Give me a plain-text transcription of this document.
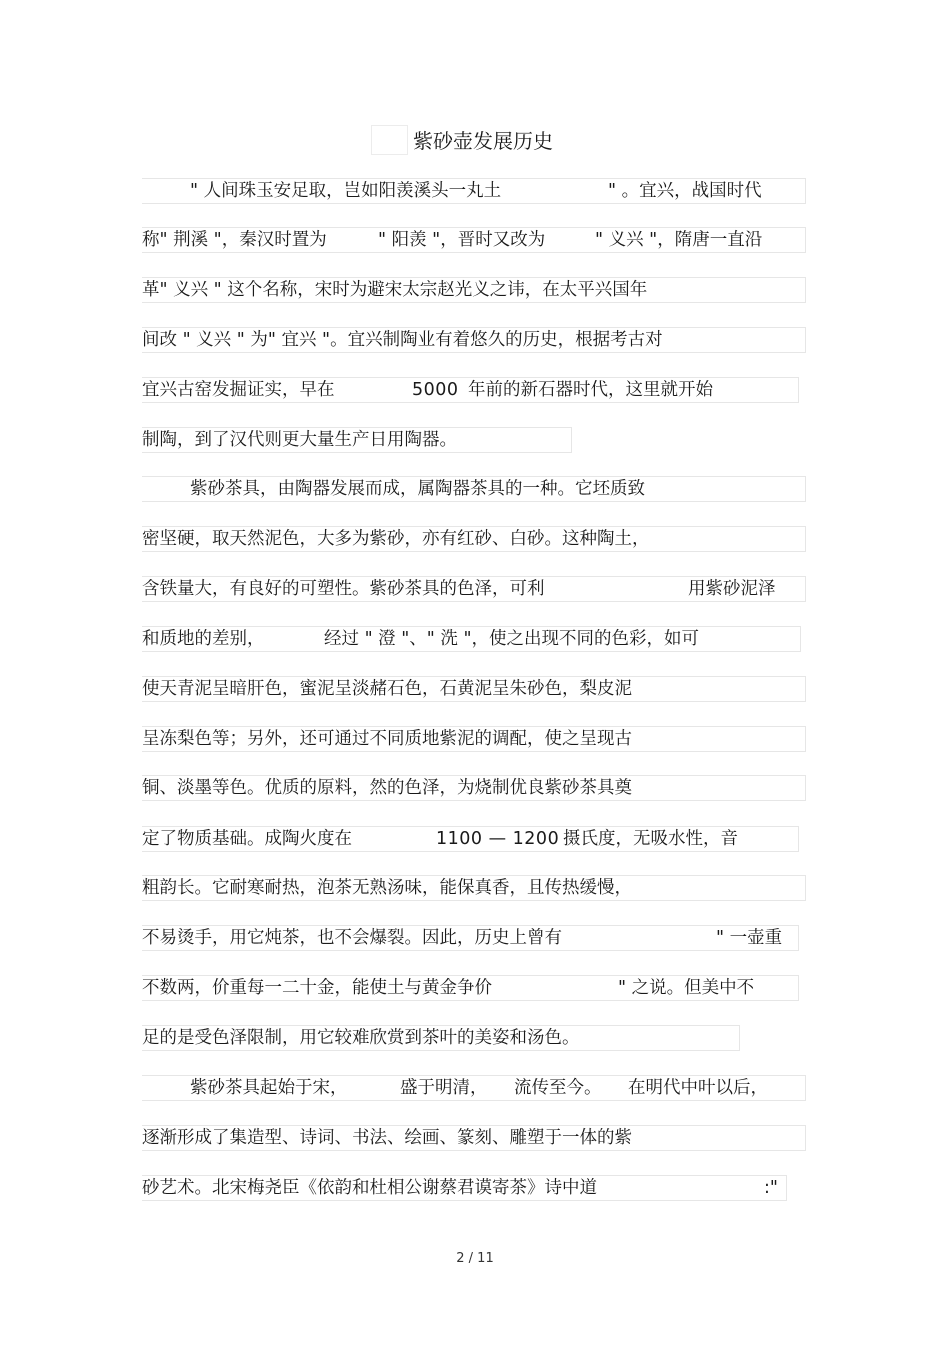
紫砂壶发展历史
" 人间珠玉安足取，岂如阳羡溪头一丸土	" 。宜兴，战国时代
称" 荆溪 "，秦汉时置为	" 阳羡 "，晋时又改为	" 义兴 "，隋唐一直沿
革" 义兴 " 这个名称，宋时为避宋太宗赵光义之讳，在太平兴国年
间改 " 义兴 " 为" 宜兴 "。宜兴制陶业有着悠久的历史，根据考古对
宜兴古窑发掘证实，早在	5000 年前的新石器时代，这里就开始
制陶，到了汉代则更大量生产日用陶器。
紫砂茶具，由陶器发展而成，属陶器茶具的一种。它坯质致
密坚硬，取天然泥色，大多为紫砂，亦有红砂、白砂。这种陶土，
含铁量大，有良好的可塑性。紫砂茶具的色泽，可利	用紫砂泥泽
和质地的差别，	经过 " 澄 "、" 洗 "，使之出现不同的色彩，如可
使天青泥呈暗肝色，蜜泥呈淡赭石色，石黄泥呈朱砂色，梨皮泥
呈冻梨色等；另外，还可通过不同质地紫泥的调配，使之呈现古
铜、淡墨等色。优质的原料，然的色泽，为烧制优良紫砂茶具奠
定了物质基础。成陶火度在	1100 — 1200 摄氏度，无吸水性，音
粗韵长。它耐寒耐热，泡茶无熟汤味，能保真香，且传热缓慢，
不易烫手，用它炖茶，也不会爆裂。因此，历史上曾有	" 一壶重
不数两，价重每一二十金，能使土与黄金争价	" 之说。但美中不
足的是受色泽限制，用它较难欣赏到茶叶的美姿和汤色。
紫砂茶具起始于宋，	盛于明清， 流传至今。 在明代中叶以后，
逐渐形成了集造型、诗词、书法、绘画、篆刻、雕塑于一体的紫
砂艺术。北宋梅尧臣《依韵和杜相公谢蔡君谟寄茶》诗中道	:"
2 / 11
